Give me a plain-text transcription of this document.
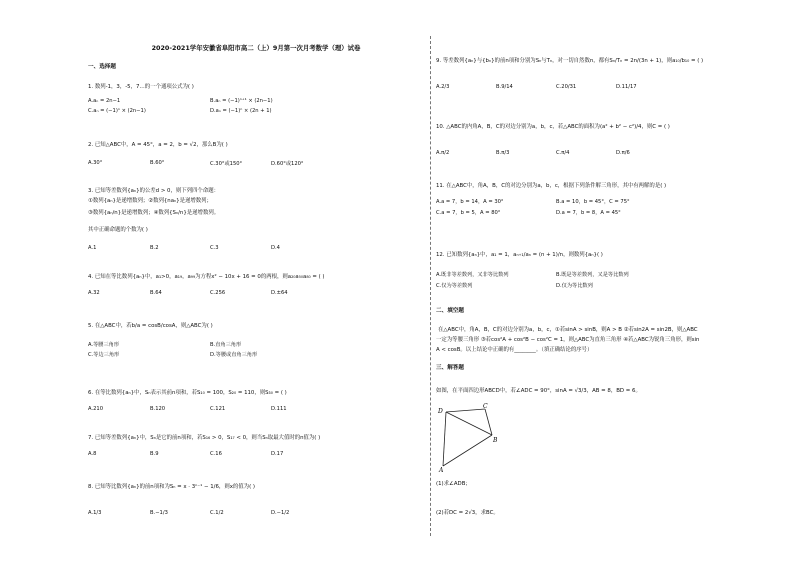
2020-2021学年安徽省阜阳市高二（上）9月第一次月考数学（理）试卷
一、选择题
1. 数列-1，3，-5，7…的一个通项公式为( )
A.aₙ = 2n−1	B.aₙ = (−1)ⁿ⁺¹ × (2n−1)
C.aₙ = (−1)ⁿ × (2n−1)	D.aₙ = (−1)ⁿ × (2n + 1)
2. 已知△ABC中，A = 45°，a = 2，b = √2，那么B为( )
A.30°	B.60°	C.30°或150°	D.60°或120°
3. 已知等差数列{aₙ}的公差d > 0，则下列四个命题：
①数列{aₙ}是递增数列；②数列{naₙ}是递增数列；
③数列{aₙ/n}是递增数列；④数列{Sₙ/n}是递增数列。
其中正确命题的个数为( )
A.1	B.2	C.3	D.4
4. 已知在等比数列{aₙ}中，a₁>0，a₁₉，a₉₉为方程x² − 10x + 16 = 0的两根，则a₂₀a₅₀a₈₀ = ( )
A.32	B.64	C.256	D.±64
5. 在△ABC中，若b/a = cosB/cosA，则△ABC为( )
A.等腰三角形	B.直角三角形
C.等边三角形	D.等腰或直角三角形
6. 在等比数列{aₙ}中，Sₙ表示其前n项和，若S₁₀ = 100，S₂₀ = 110，则S₃₀ = ( )
A.210	B.120	C.121	D.111
7. 已知等差数列{aₙ}中，Sₙ是它的前n项和，若S₁₆ > 0，S₁₇ < 0，则当Sₙ取最大值时的n值为( )
A.8	B.9	C.16	D.17
8. 已知等比数列{aₙ}的前n项和为Sₙ = x · 3ⁿ⁻¹ − 1/6，则x的值为( )
A.1/3	B.−1/3	C.1/2	D.−1/2
9. 等差数列{aₙ}与{bₙ}的前n项和分别为Sₙ与Tₙ，对一切自然数n，都有Sₙ/Tₙ = 2n/(3n + 1)，则a₁₀/b₁₀ = ( )
A.2/3	B.9/14	C.20/31	D.11/17
10. △ABC的内角A，B，C的对边分别为a，b，c，若△ABC的面积为(a² + b² − c²)/4，则C = ( )
A.π/2	B.π/3	C.π/4	D.π/6
11. 在△ABC中，角A，B，C的对边分别为a，b，c，根据下列条件解三角形，其中有两解的是( )
A.a = 7，b = 14，A = 30°	B.a = 10，b = 45°，C = 75°
C.a = 7，b = 5，A = 80°	D.a = 7，b = 8，A = 45°
12. 已知数列{aₙ}中，a₁ = 1，aₙ₊₁/aₙ = (n + 1)/n，则数列{aₙ}( )
A.既非等差数列，又非等比数列	B.既是等差数列，又是等比数列
C.仅为等差数列	D.仅为等比数列
二、填空题
在△ABC中，角A，B，C的对边分别为a，b，c，①若sinA > sinB，则A > B ②若sin2A = sin2B，则△ABC
一定为等腰三角形 ③若cos²A + cos²B − cos²C = 1，则△ABC为直角三角形 ④若△ABC为锐角三角形，则sin
A < cosB。以上结论中正确的有________。（填正确结论的序号）
三、解答题
如图，在平面四边形ABCD中，若∠ADC = 90°，sinA = √3/3，AB = 8，BD = 6。
D
C
B
A
(1)求∠ADB；
(2)若DC = 2√3，求BC。
